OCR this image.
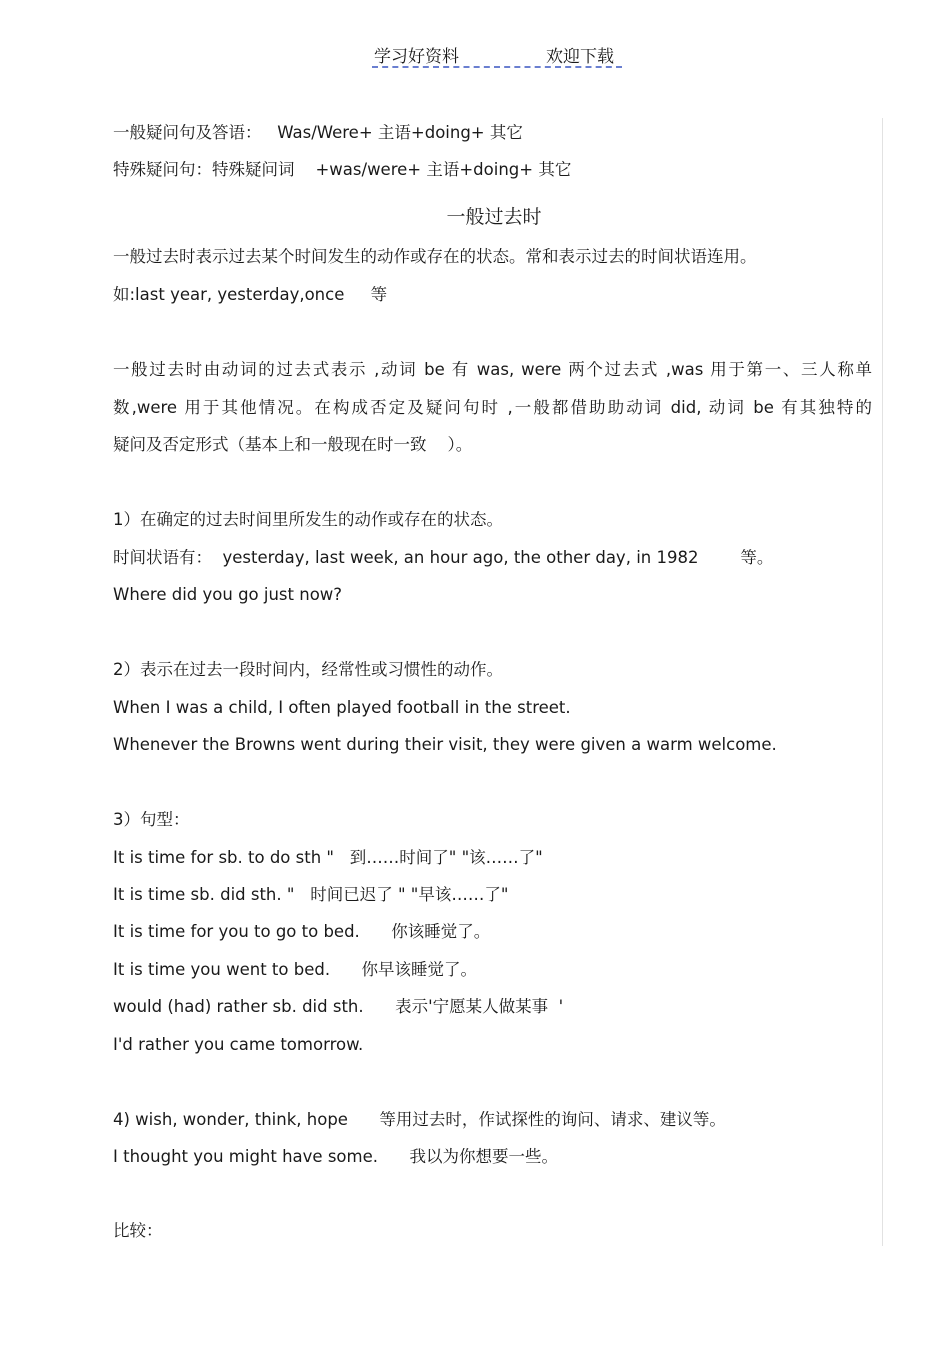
学习好资料	欢迎下载
一般疑问句及答语：   Was/Were+ 主语+doing+ 其它
特殊疑问句：特殊疑问词    +was/were+ 主语+doing+ 其它
一般过去时
一般过去时表示过去某个时间发生的动作或存在的状态。常和表示过去的时间状语连用。
如:last year, yesterday,once     等
一般过去时由动词的过去式表示 ,动词 be 有 was, were 两个过去式 ,was 用于第一、三人称单
数,were 用于其他情况。在构成否定及疑问句时 ,一般都借助助动词 did, 动词 be 有其独特的
疑问及否定形式（基本上和一般现在时一致    ）。
1）在确定的过去时间里所发生的动作或存在的状态。
时间状语有：  yesterday, last week, an hour ago, the other day, in 1982        等。
Where did you go just now?
2）表示在过去一段时间内，经常性或习惯性的动作。
When I was a child, I often played football in the street.
Whenever the Browns went during their visit, they were given a warm welcome.
3）句型：
It is time for sb. to do sth "   到……时间了" "该……了"
It is time sb. did sth. "   时间已迟了 " "早该……了"
It is time for you to go to bed.      你该睡觉了。
It is time you went to bed.      你早该睡觉了。
would (had) rather sb. did sth.      表示'宁愿某人做某事  '
I'd rather you came tomorrow.
4) wish, wonder, think, hope      等用过去时，作试探性的询问、请求、建议等。
I thought you might have some.      我以为你想要一些。
比较：
